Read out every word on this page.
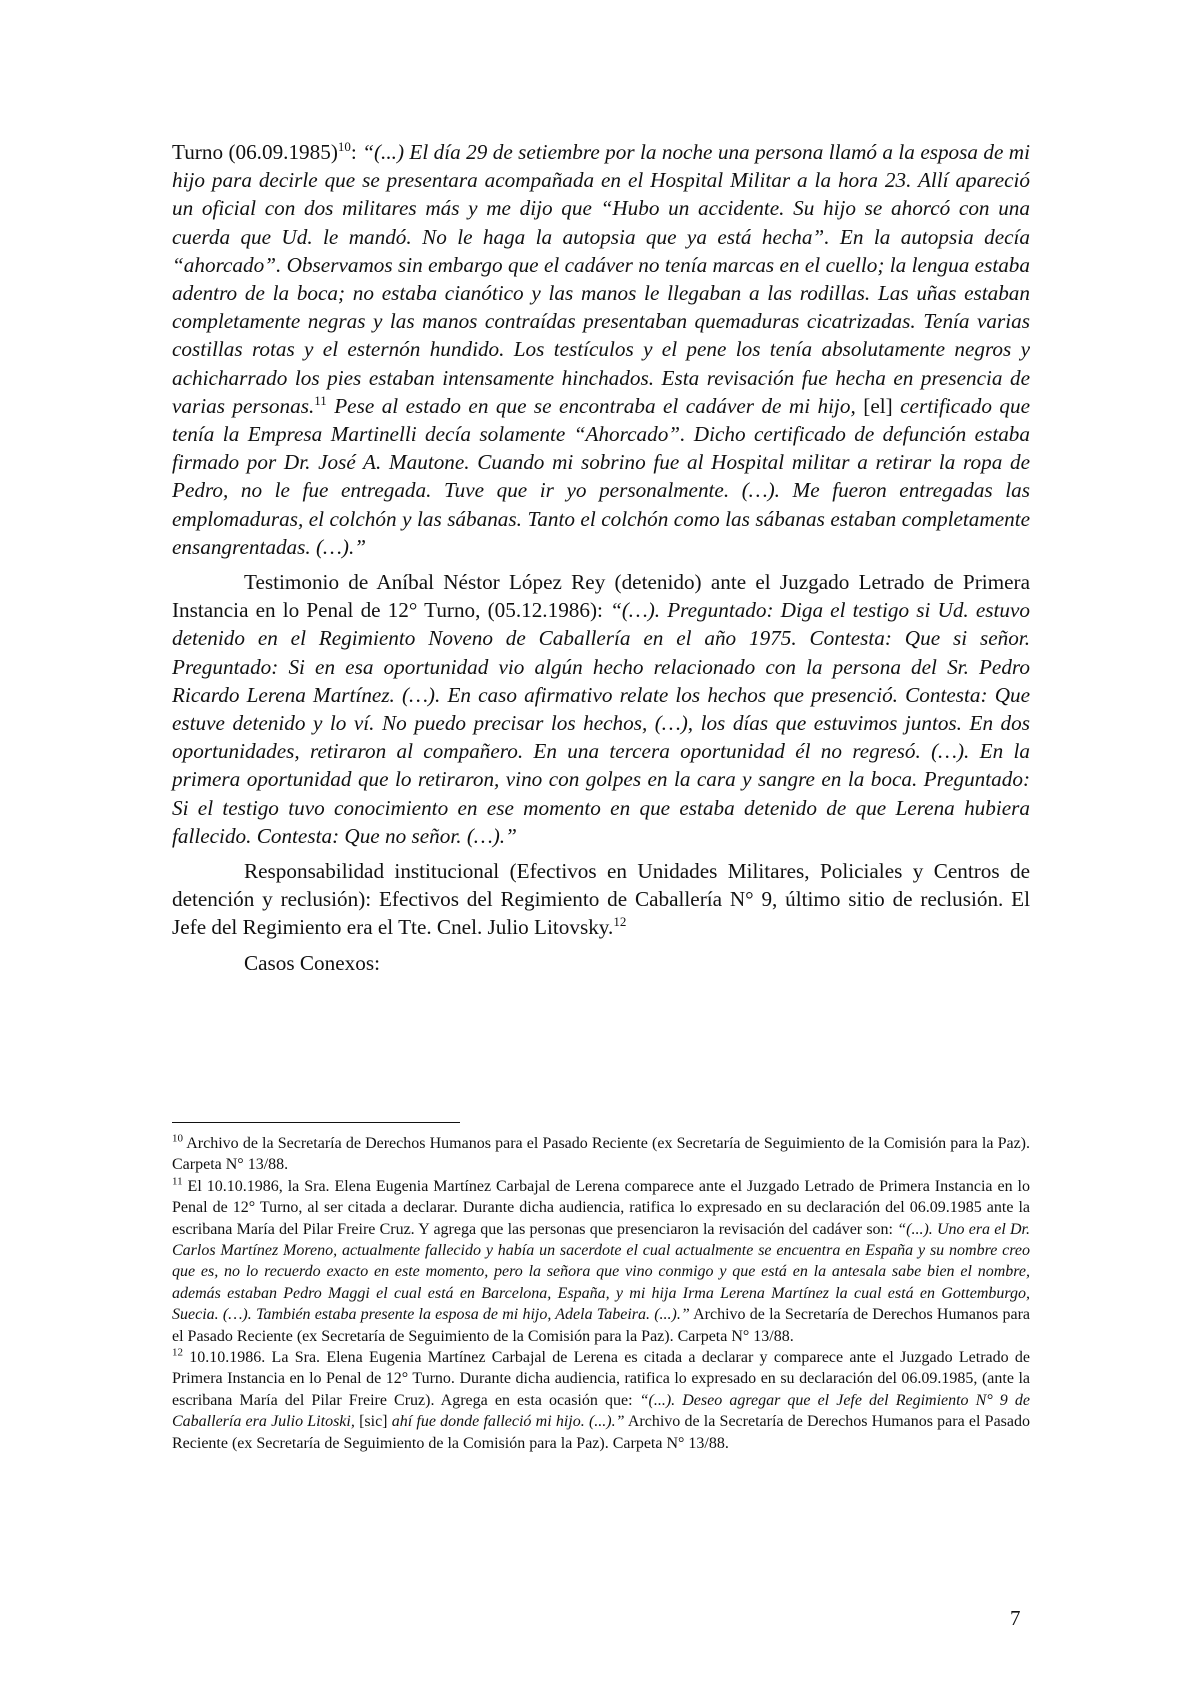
Turno $(06.09.1985)^{10}$: “(...) El día 29 de setiembre por la noche una persona llamó a la esposa de mi hijo para decirle que se presentara acompañada en el Hospital Militar a la hora 23. Allí apareció un oficial con dos militares más y me dijo que “Hubo un accidente. Su hijo se ahorcó con una cuerda que Ud. le mandó. No le haga la autopsia que ya está hecha”. En la autopsia decía “ahorcado”. Observamos sin embargo que el cadáver no tenía marcas en el cuello; la lengua estaba adentro de la boca; no estaba cianótico y las manos le llegaban a las rodillas. Las uñas estaban completamente negras y las manos contraídas presentaban quemaduras cicatrizadas. Tenía varias costillas rotas y el esternón hundido. Los testículos y el pene los tenía absolutamente negros y achicharrado los pies estaban intensamente hinchados. Esta revisación fue hecha en presencia de varias personas.$^{11}$ Pese al estado en que se encontraba el cadáver de mi hijo, [el] certificado que tenía la Empresa Martinelli decía solamente “Ahorcado”. Dicho certificado de defunción estaba firmado por Dr. José A. Mautone. Cuando mi sobrino fue al Hospital militar a retirar la ropa de Pedro, no le fue entregada. Tuve que ir yo personalmente. (…). Me fueron entregadas las emplomaduras, el colchón y las sábanas. Tanto el colchón como las sábanas estaban completamente ensangrentadas. (…).”

Testimonio de Aníbal Néstor López Rey (detenido) ante el Juzgado Letrado de Primera Instancia en lo Penal de 12° Turno, (05.12.1986): “(…). Preguntado: Diga el testigo si Ud. estuvo detenido en el Regimiento Noveno de Caballería en el año 1975. Contesta: Que si señor. Preguntado: Si en esa oportunidad vio algún hecho relacionado con la persona del Sr. Pedro Ricardo Lerena Martínez. (…). En caso afirmativo relate los hechos que presenció. Contesta: Que estuve detenido y lo ví. No puedo precisar los hechos, (…), los días que estuvimos juntos. En dos oportunidades, retiraron al compañero. En una tercera oportunidad él no regresó. (…). En la primera oportunidad que lo retiraron, vino con golpes en la cara y sangre en la boca. Preguntado: Si el testigo tuvo conocimiento en ese momento en que estaba detenido de que Lerena hubiera fallecido. Contesta: Que no señor. (…).”

Responsabilidad institucional (Efectivos en Unidades Militares, Policiales y Centros de detención y reclusión): Efectivos del Regimiento de Caballería N° 9, último sitio de reclusión. El Jefe del Regimiento era el Tte. Cnel. Julio Litovsky.$^{12}$

Casos Conexos:

$^{10}$ Archivo de la Secretaría de Derechos Humanos para el Pasado Reciente (ex Secretaría de Seguimiento de la Comisión para la Paz). Carpeta N° 13/88.

$^{11}$ El 10.10.1986, la Sra. Elena Eugenia Martínez Carbajal de Lerena comparece ante el Juzgado Letrado de Primera Instancia en lo Penal de 12° Turno, al ser citada a declarar. Durante dicha audiencia, ratifica lo expresado en su declaración del 06.09.1985 ante la escribana María del Pilar Freire Cruz. Y agrega que las personas que presenciaron la revisación del cadáver son: “(...). Uno era el Dr. Carlos Martínez Moreno, actualmente fallecido y había un sacerdote el cual actualmente se encuentra en España y su nombre creo que es, no lo recuerdo exacto en este momento, pero la señora que vino conmigo y que está en la antesala sabe bien el nombre, además estaban Pedro Maggi el cual está en Barcelona, España, y mi hija Irma Lerena Martínez la cual está en Gottemburgo, Suecia. (…). También estaba presente la esposa de mi hijo, Adela Tabeira. (...).” Archivo de la Secretaría de Derechos Humanos para el Pasado Reciente (ex Secretaría de Seguimiento de la Comisión para la Paz). Carpeta N° 13/88.

$^{12}$ 10.10.1986. La Sra. Elena Eugenia Martínez Carbajal de Lerena es citada a declarar y comparece ante el Juzgado Letrado de Primera Instancia en lo Penal de 12° Turno. Durante dicha audiencia, ratifica lo expresado en su declaración del 06.09.1985, (ante la escribana María del Pilar Freire Cruz). Agrega en esta ocasión que: “(...). Deseo agregar que el Jefe del Regimiento N° 9 de Caballería era Julio Litoski, [sic] ahí fue donde falleció mi hijo. (...).” Archivo de la Secretaría de Derechos Humanos para el Pasado Reciente (ex Secretaría de Seguimiento de la Comisión para la Paz). Carpeta N° 13/88.

7
